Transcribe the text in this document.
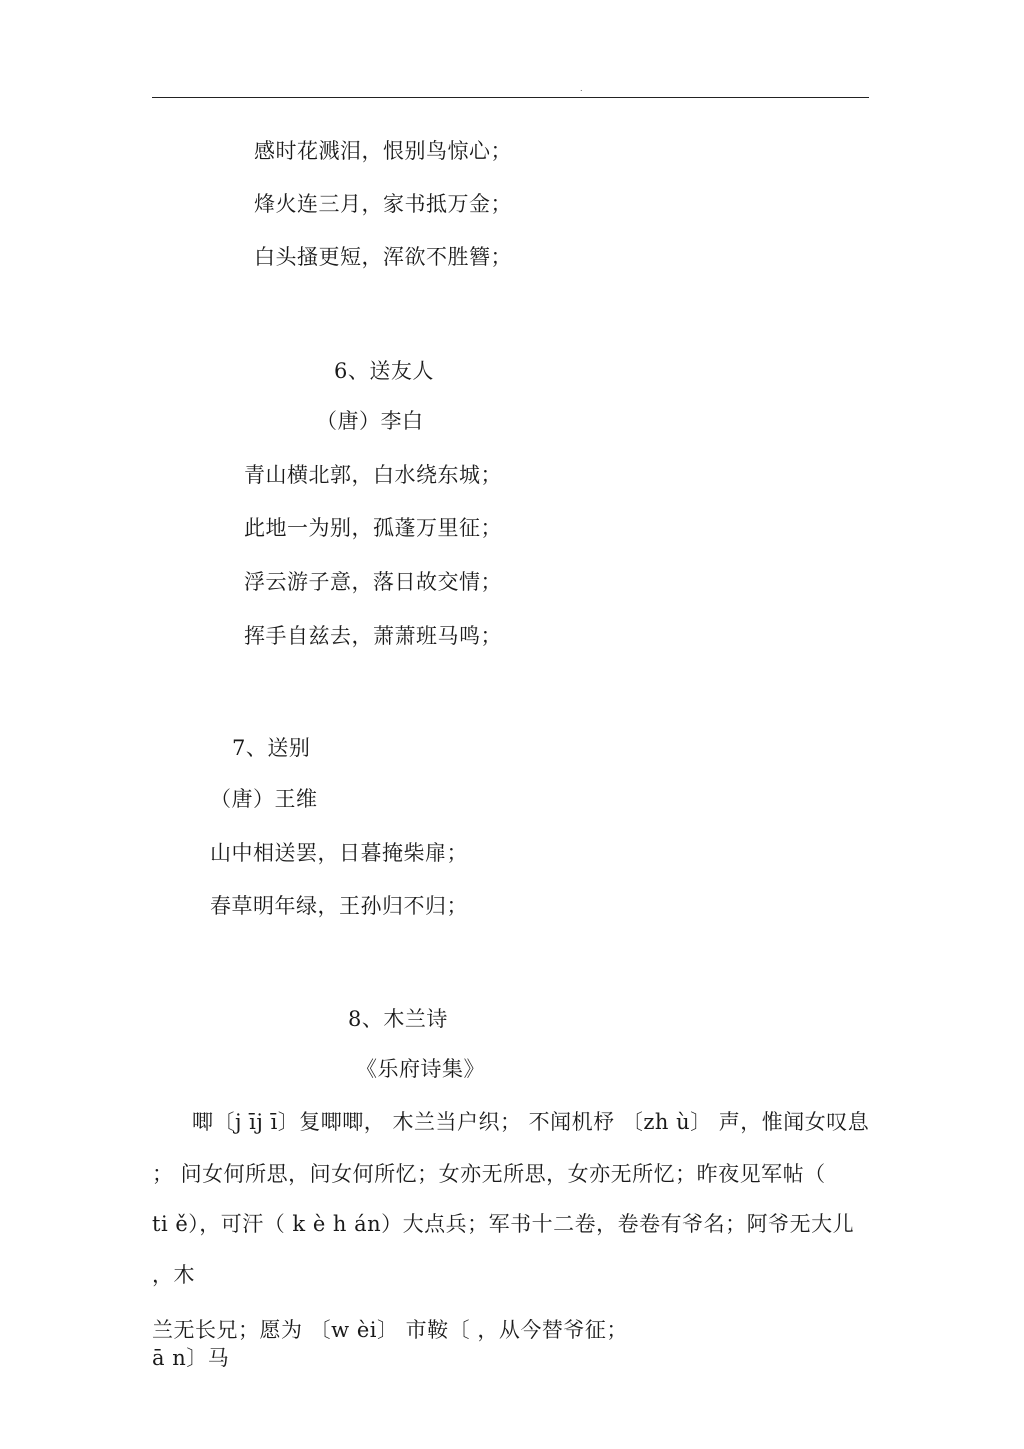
.
感时花溅泪，恨别鸟惊心；
烽火连三月，家书抵万金；
白头搔更短，浑欲不胜簪；
6、送友人
（唐）李白
青山横北郭，白水绕东城；
此地一为别，孤蓬万里征；
浮云游子意，落日故交情；
挥手自兹去，萧萧班马鸣；
7、送别
（唐）王维
山中相送罢，日暮掩柴扉；
春草明年绿，王孙归不归；
8、木兰诗
《乐府诗集》
唧〔j īj ī〕复唧唧， 木兰当户织； 不闻机杼 〔zh ù〕 声，惟闻女叹息
； 问女何所思，问女何所忆；女亦无所思，女亦无所忆；昨夜见军帖（
ti ě），可汗（ k è h án）大点兵；军书十二卷，卷卷有爷名；阿爷无大儿
，木
兰无长兄；愿为 〔w èi〕 市鞍〔 ，从今替爷征；
ā n〕马
